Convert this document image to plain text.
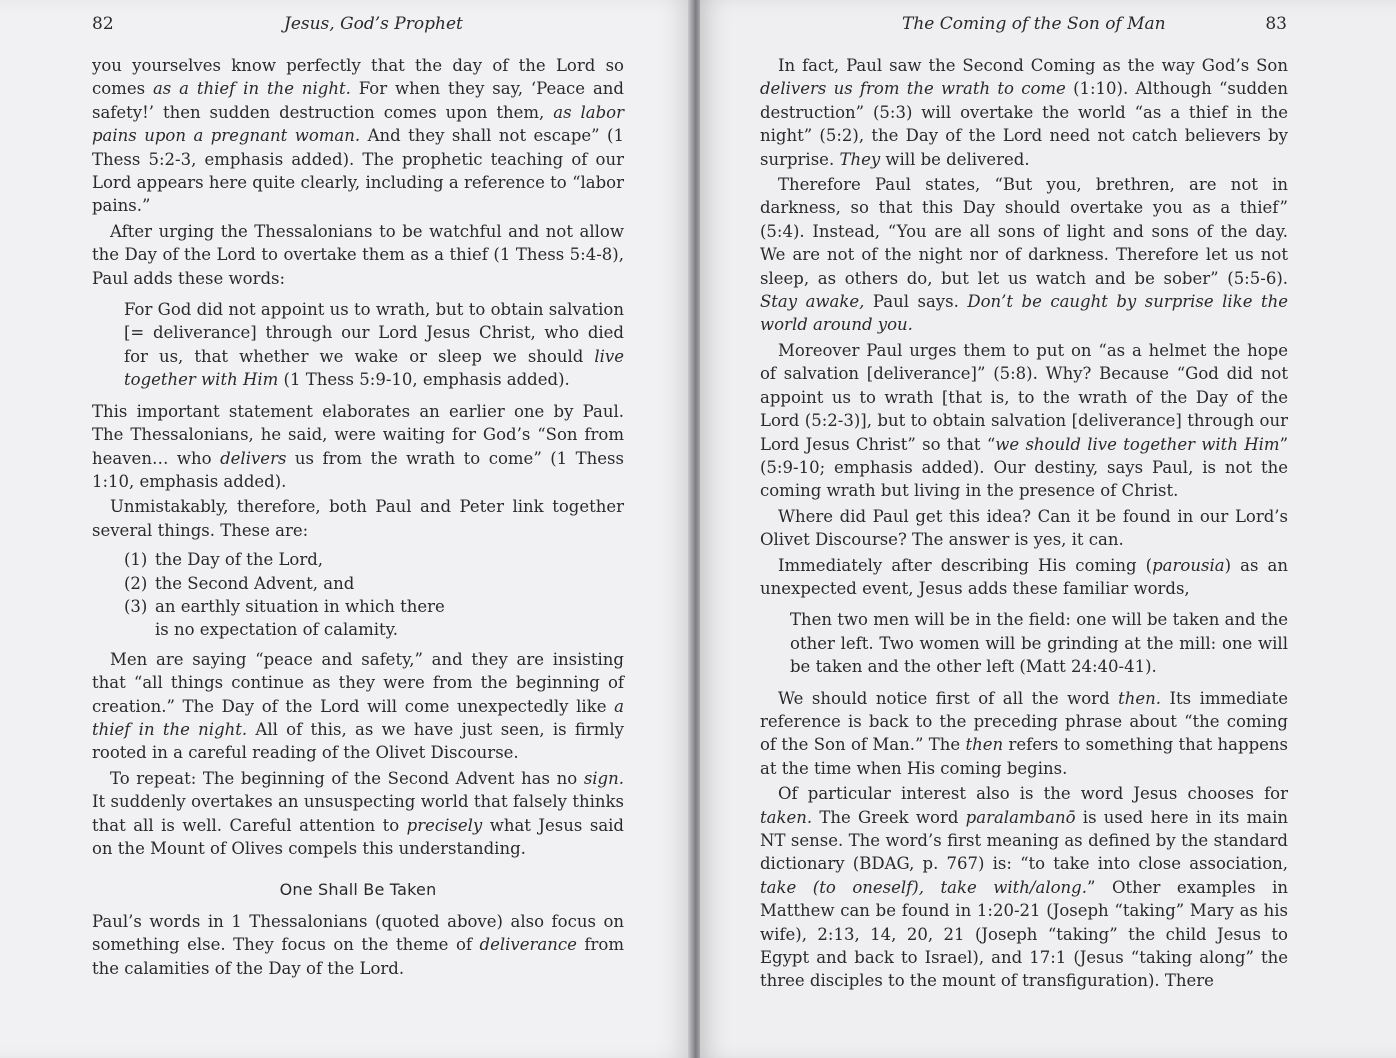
82	Jesus, God’s Prophet

you yourselves know perfectly that the day of the Lord so comes as a thief in the night. For when they say, ‘Peace and safety!’ then sudden destruction comes upon them, as labor pains upon a pregnant woman. And they shall not escape” (1 Thess 5:2-3, emphasis added). The prophetic teaching of our Lord appears here quite clearly, including a reference to “labor pains.”

After urging the Thessalonians to be watchful and not allow the Day of the Lord to overtake them as a thief (1 Thess 5:4-8), Paul adds these words:

For God did not appoint us to wrath, but to obtain salvation [= deliverance] through our Lord Jesus Christ, who died for us, that whether we wake or sleep we should live together with Him (1 Thess 5:9-10, emphasis added).

This important statement elaborates an earlier one by Paul. The Thessalonians, he said, were waiting for God’s “Son from heaven… who delivers us from the wrath to come” (1 Thess 1:10, emphasis added).

Unmistakably, therefore, both Paul and Peter link together several things. These are:

(1) the Day of the Lord,
(2) the Second Advent, and
(3) an earthly situation in which there is no expectation of calamity.

Men are saying “peace and safety,” and they are insisting that “all things continue as they were from the beginning of creation.” The Day of the Lord will come unexpectedly like a thief in the night. All of this, as we have just seen, is firmly rooted in a careful reading of the Olivet Discourse.

To repeat: The beginning of the Second Advent has no sign. It suddenly overtakes an unsuspecting world that falsely thinks that all is well. Careful attention to precisely what Jesus said on the Mount of Olives compels this understanding.

One Shall Be Taken

Paul’s words in 1 Thessalonians (quoted above) also focus on something else. They focus on the theme of deliverance from the calamities of the Day of the Lord.

The Coming of the Son of Man	83

In fact, Paul saw the Second Coming as the way God’s Son delivers us from the wrath to come (1:10). Although “sudden destruction” (5:3) will overtake the world “as a thief in the night” (5:2), the Day of the Lord need not catch believers by surprise. They will be delivered.

Therefore Paul states, “But you, brethren, are not in darkness, so that this Day should overtake you as a thief” (5:4). Instead, “You are all sons of light and sons of the day. We are not of the night nor of darkness. Therefore let us not sleep, as others do, but let us watch and be sober” (5:5-6). Stay awake, Paul says. Don’t be caught by surprise like the world around you.

Moreover Paul urges them to put on “as a helmet the hope of salvation [deliverance]” (5:8). Why? Because “God did not appoint us to wrath [that is, to the wrath of the Day of the Lord (5:2-3)], but to obtain salvation [deliverance] through our Lord Jesus Christ” so that “we should live together with Him” (5:9-10; emphasis added). Our destiny, says Paul, is not the coming wrath but living in the presence of Christ.

Where did Paul get this idea? Can it be found in our Lord’s Olivet Discourse? The answer is yes, it can.

Immediately after describing His coming (parousia) as an unexpected event, Jesus adds these familiar words,

Then two men will be in the field: one will be taken and the other left. Two women will be grinding at the mill: one will be taken and the other left (Matt 24:40-41).

We should notice first of all the word then. Its immediate reference is back to the preceding phrase about “the coming of the Son of Man.” The then refers to something that happens at the time when His coming begins.

Of particular interest also is the word Jesus chooses for taken. The Greek word paralambanō is used here in its main NT sense. The word’s first meaning as defined by the standard dictionary (BDAG, p. 767) is: “to take into close association, take (to oneself), take with/along.” Other examples in Matthew can be found in 1:20-21 (Joseph “taking” Mary as his wife), 2:13, 14, 20, 21 (Joseph “taking” the child Jesus to Egypt and back to Israel), and 17:1 (Jesus “taking along” the three disciples to the mount of transfiguration). There
